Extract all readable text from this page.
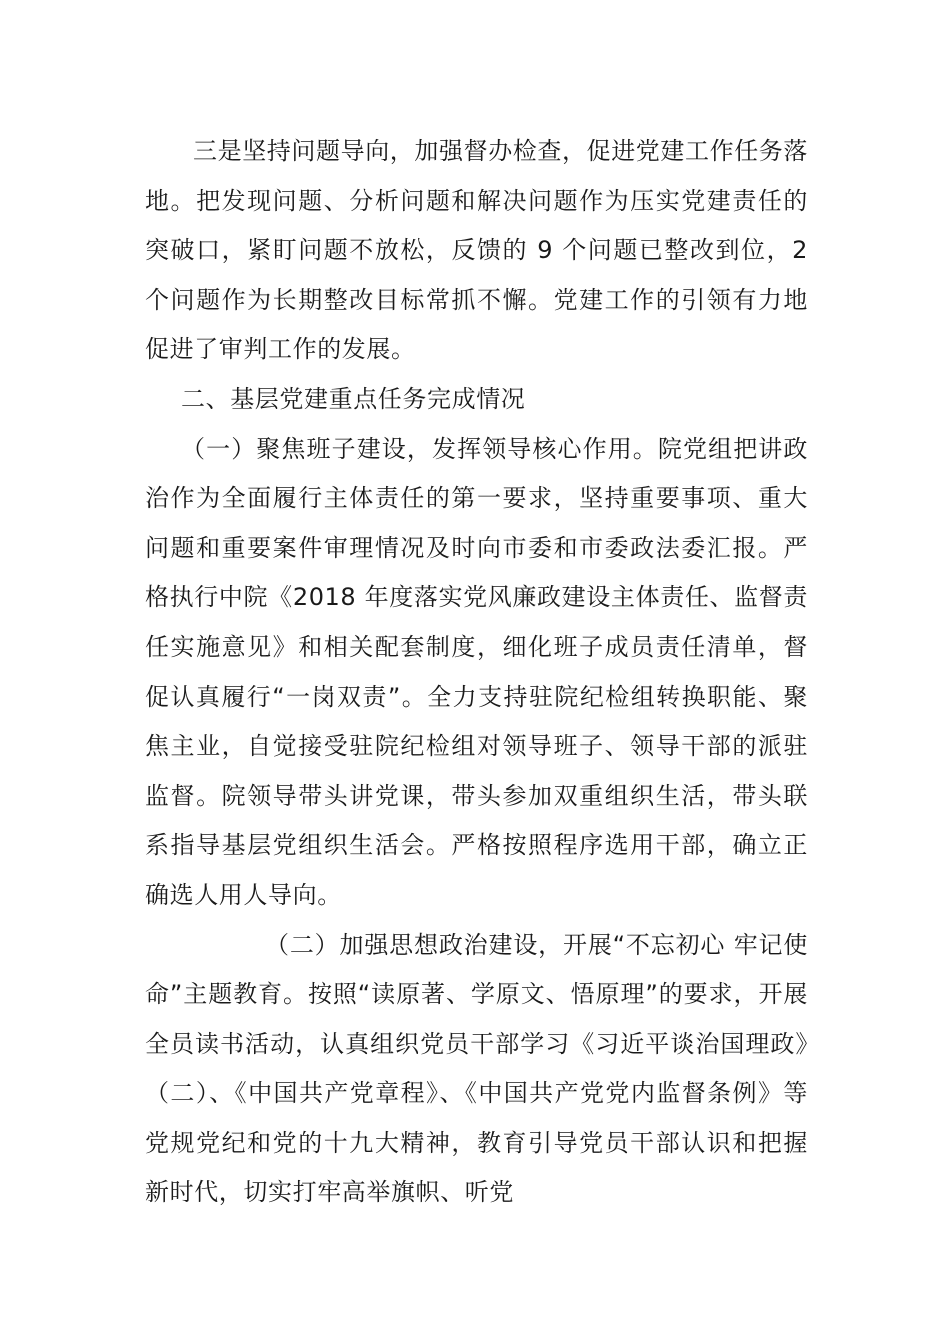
三是坚持问题导向，加强督办检查，促进党建工作任务落地。把发现问题、分析问题和解决问题作为压实党建责任的突破口，紧盯问题不放松，反馈的 9 个问题已整改到位，2 个问题作为长期整改目标常抓不懈。党建工作的引领有力地促进了审判工作的发展。

二、基层党建重点任务完成情况

（一）聚焦班子建设，发挥领导核心作用。院党组把讲政治作为全面履行主体责任的第一要求，坚持重要事项、重大问题和重要案件审理情况及时向市委和市委政法委汇报。严格执行中院《2018 年度落实党风廉政建设主体责任、监督责任实施意见》和相关配套制度，细化班子成员责任清单，督促认真履行“一岗双责”。全力支持驻院纪检组转换职能、聚焦主业，自觉接受驻院纪检组对领导班子、领导干部的派驻监督。院领导带头讲党课，带头参加双重组织生活，带头联系指导基层党组织生活会。严格按照程序选用干部，确立正确选人用人导向。

（二）加强思想政治建设，开展“不忘初心 牢记使命”主题教育。按照“读原著、学原文、悟原理”的要求，开展全员读书活动，认真组织党员干部学习《习近平谈治国理政》（二）、《中国共产党章程》、《中国共产党党内监督条例》等党规党纪和党的十九大精神，教育引导党员干部认识和把握新时代，切实打牢高举旗帜、听党
